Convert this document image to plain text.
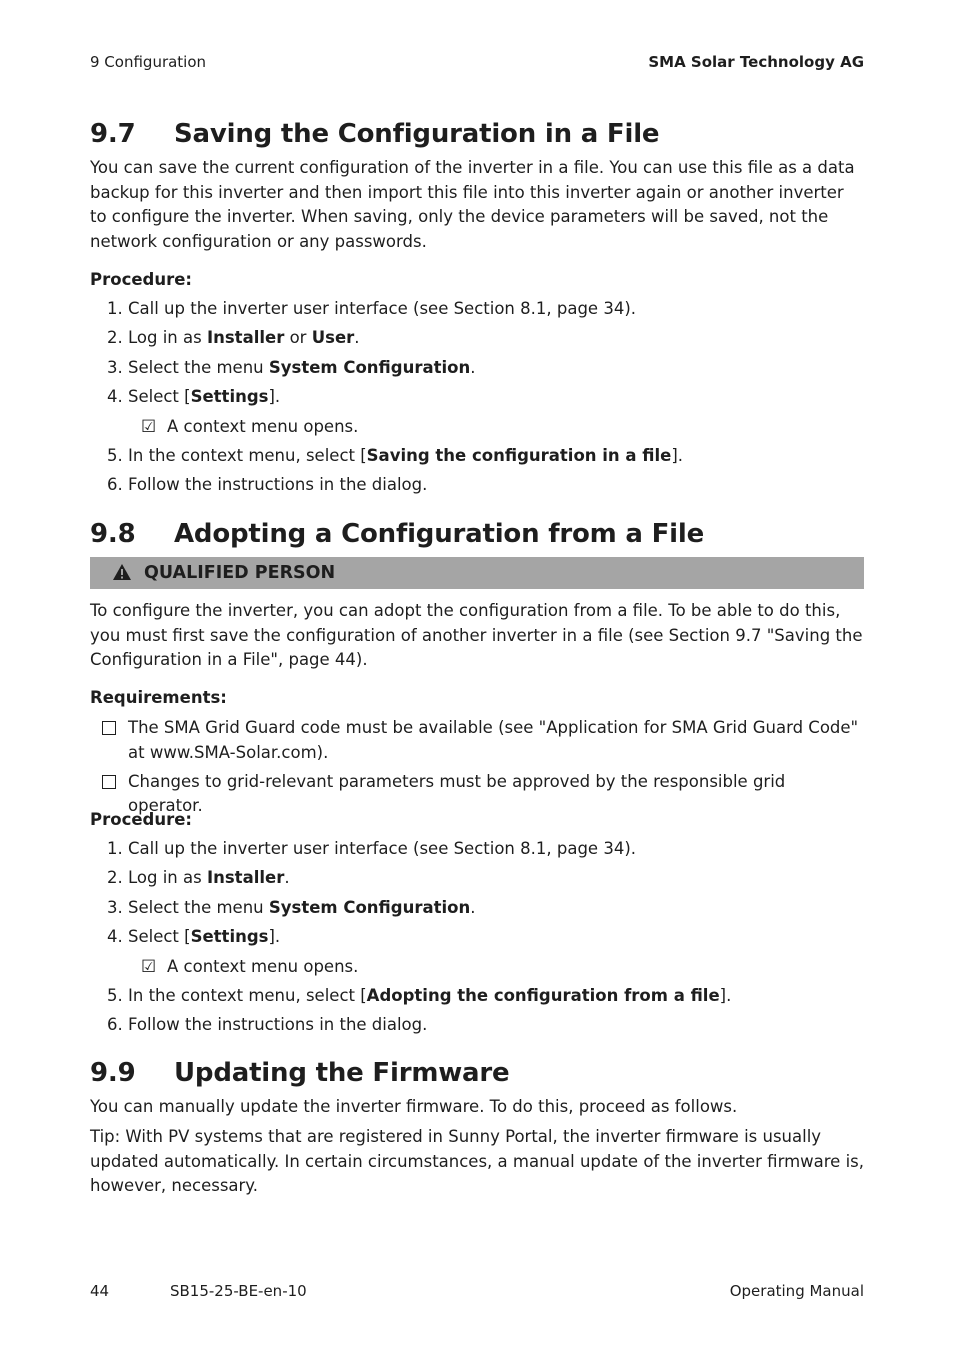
9 Configuration	SMA Solar Technology AG
9.7 Saving the Configuration in a File

You can save the current configuration of the inverter in a file. You can use this file as a data backup for this inverter and then import this file into this inverter again or another inverter to configure the inverter. When saving, only the device parameters will be saved, not the network configuration or any passwords.

Procedure:
1. Call up the inverter user interface (see Section 8.1, page 34).
2. Log in as Installer or User.
3. Select the menu System Configuration.
4. Select [Settings].
☑ A context menu opens.
5. In the context menu, select [Saving the configuration in a file].
6. Follow the instructions in the dialog.
9.8 Adopting a Configuration from a File
QUALIFIED PERSON

To configure the inverter, you can adopt the configuration from a file. To be able to do this, you must first save the configuration of another inverter in a file (see Section 9.7 "Saving the Configuration in a File", page 44).

Requirements:
The SMA Grid Guard code must be available (see "Application for SMA Grid Guard Code" at www.SMA-Solar.com).
Changes to grid-relevant parameters must be approved by the responsible grid operator.
Procedure:
1. Call up the inverter user interface (see Section 8.1, page 34).
2. Log in as Installer.
3. Select the menu System Configuration.
4. Select [Settings].
☑ A context menu opens.
5. In the context menu, select [Adopting the configuration from a file].
6. Follow the instructions in the dialog.
9.9 Updating the Firmware

You can manually update the inverter firmware. To do this, proceed as follows.

Tip: With PV systems that are registered in Sunny Portal, the inverter firmware is usually updated automatically. In certain circumstances, a manual update of the inverter firmware is, however, necessary.

44	SB15-25-BE-en-10	Operating Manual
